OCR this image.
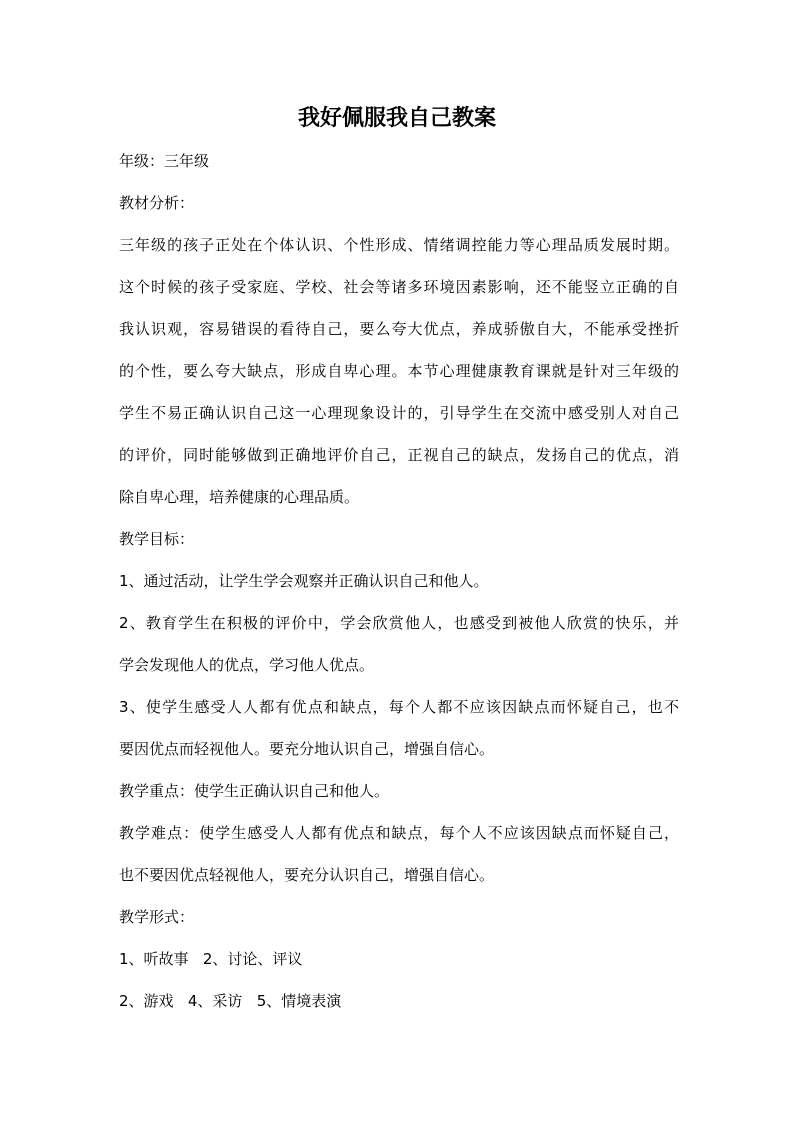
我好佩服我自己教案
年级：三年级
教材分析：
三年级的孩子正处在个体认识、个性形成、情绪调控能力等心理品质发展时期。
这个时候的孩子受家庭、学校、社会等诸多环境因素影响，还不能竖立正确的自
我认识观，容易错误的看待自己，要么夸大优点，养成骄傲自大，不能承受挫折
的个性，要么夸大缺点，形成自卑心理。本节心理健康教育课就是针对三年级的
学生不易正确认识自己这一心理现象设计的，引导学生在交流中感受别人对自己
的评价，同时能够做到正确地评价自己，正视自己的缺点，发扬自己的优点，消
除自卑心理，培养健康的心理品质。
教学目标：
1、通过活动，让学生学会观察并正确认识自己和他人。
2、教育学生在积极的评价中，学会欣赏他人，也感受到被他人欣赏的快乐，并
学会发现他人的优点，学习他人优点。
3、使学生感受人人都有优点和缺点，每个人都不应该因缺点而怀疑自己，也不
要因优点而轻视他人。要充分地认识自己，增强自信心。
教学重点：使学生正确认识自己和他人。
教学难点：使学生感受人人都有优点和缺点，每个人不应该因缺点而怀疑自己，
也不要因优点轻视他人，要充分认识自己，增强自信心。
教学形式：
1、听故事   2、讨论、评议
2、游戏   4、采访   5、情境表演
